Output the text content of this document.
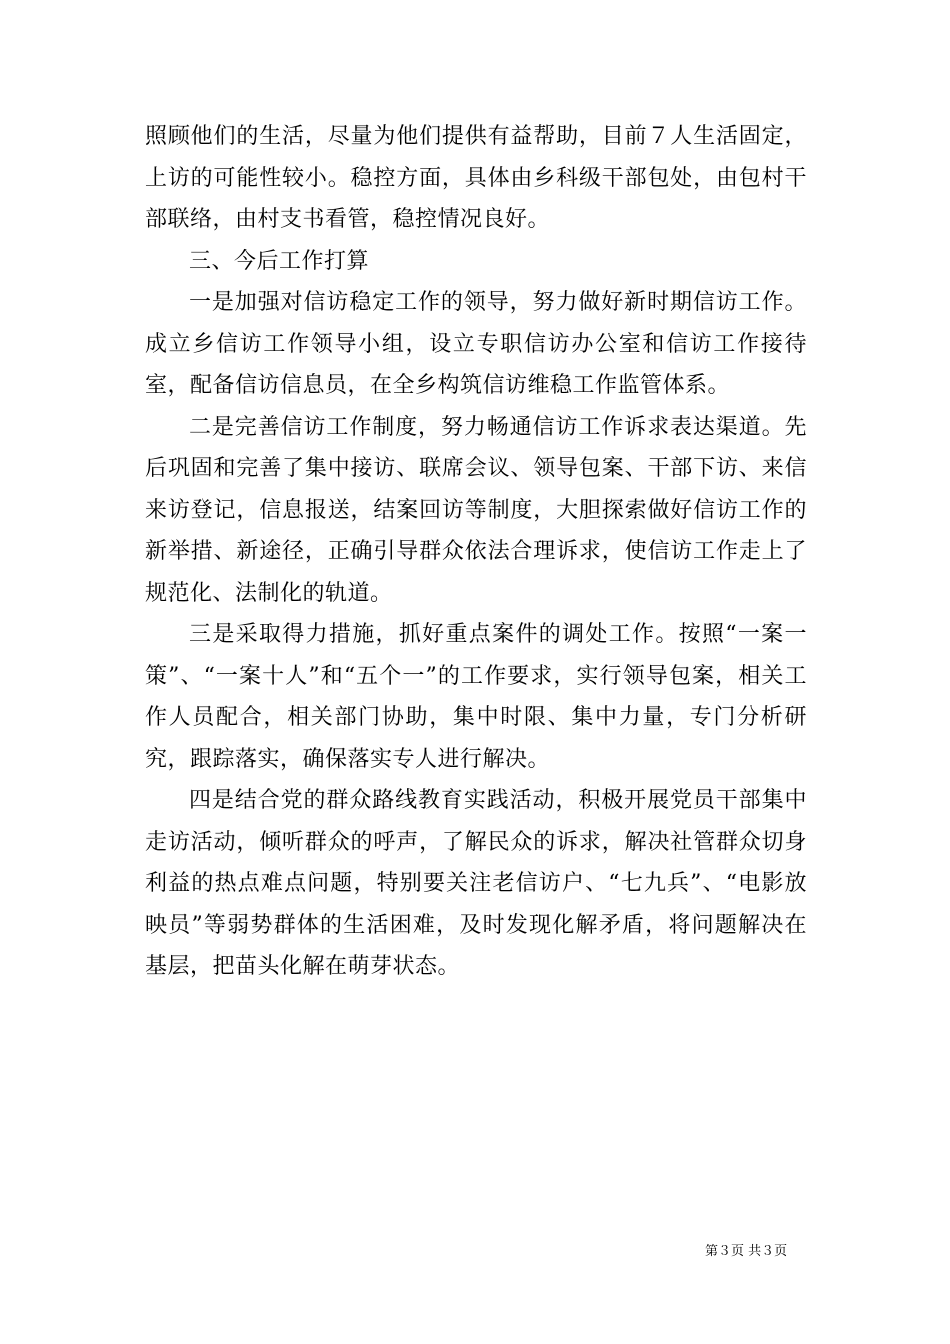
照顾他们的生活，尽量为他们提供有益帮助，目前７人生活固定，上访的可能性较小。稳控方面，具体由乡科级干部包处，由包村干部联络，由村支书看管，稳控情况良好。

三、今后工作打算

一是加强对信访稳定工作的领导，努力做好新时期信访工作。成立乡信访工作领导小组，设立专职信访办公室和信访工作接待室，配备信访信息员，在全乡构筑信访维稳工作监管体系。

二是完善信访工作制度，努力畅通信访工作诉求表达渠道。先后巩固和完善了集中接访、联席会议、领导包案、干部下访、来信来访登记，信息报送，结案回访等制度，大胆探索做好信访工作的新举措、新途径，正确引导群众依法合理诉求，使信访工作走上了规范化、法制化的轨道。

三是采取得力措施，抓好重点案件的调处工作。按照“一案一策”、“一案十人”和“五个一”的工作要求，实行领导包案，相关工作人员配合，相关部门协助，集中时限、集中力量，专门分析研究，跟踪落实，确保落实专人进行解决。

四是结合党的群众路线教育实践活动，积极开展党员干部集中走访活动，倾听群众的呼声，了解民众的诉求，解决社管群众切身利益的热点难点问题，特别要关注老信访户、“七九兵”、“电影放映员”等弱势群体的生活困难，及时发现化解矛盾，将问题解决在基层，把苗头化解在萌芽状态。

第３页 共３页
